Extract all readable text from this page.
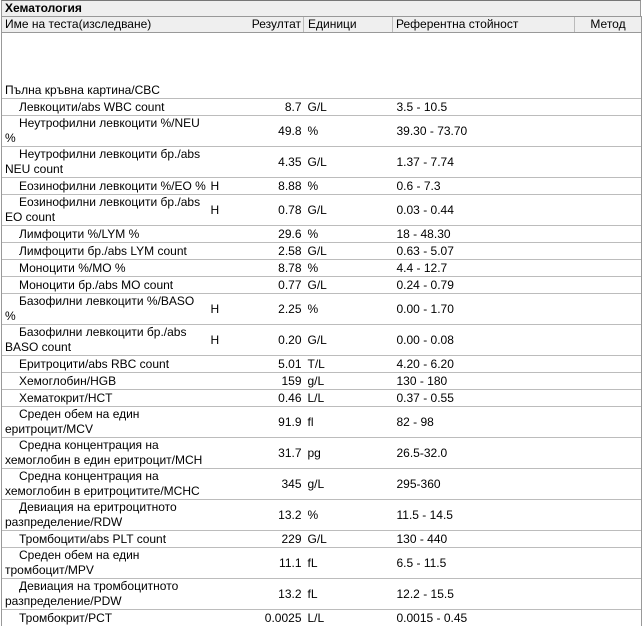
Хематология
Име на теста(изследване)		Резултат	Единици	Референтна стойност	Метод
Пълна кръвна картина/CBC					
Левкоцити/abs WBC count		8.7	G/L	3.5 - 10.5	
Неутрофилни левкоцити %/NEU
%		49.8	%	39.30 - 73.70	
Неутрофилни левкоцити бр./abs
NEU count		4.35	G/L	1.37 - 7.74	
Еозинофилни левкоцити %/EO %	H	8.88	%	0.6 - 7.3	
Еозинофилни левкоцити бр./abs
EO count	H	0.78	G/L	0.03 - 0.44	
Лимфоцити %/LYM %		29.6	%	18 - 48.30	
Лимфоцити бр./abs LYM count		2.58	G/L	0.63 - 5.07	
Моноцити %/MO %		8.78	%	4.4 - 12.7	
Моноцити бр./abs MO count		0.77	G/L	0.24 - 0.79	
Базофилни левкоцити %/BASO
%	H	2.25	%	0.00 - 1.70	
Базофилни левкоцити бр./abs
BASO count	H	0.20	G/L	0.00 - 0.08	
Еритроцити/abs RBC count		5.01	T/L	4.20 - 6.20	
Хемоглобин/HGB		159	g/L	130 - 180	
Хематокрит/HCT		0.46	L/L	0.37 - 0.55	
Среден обем на един
еритроцит/MCV		91.9	fl	82 - 98	
Средна концентрация на
хемоглобин в един еритроцит/MCH		31.7	pg	26.5-32.0	
Средна концентрация на
хемоглобин в еритроцитите/MCHC		345	g/L	295-360	
Девиация на еритроцитното
разпределение/RDW		13.2	%	11.5 - 14.5	
Тромбоцити/abs PLT count		229	G/L	130 - 440	
Среден обем на един
тромбоцит/MPV		11.1	fL	6.5 - 11.5	
Девиация на тромбоцитното
разпределение/PDW		13.2	fL	12.2 - 15.5	
Тромбокрит/PCT		0.0025	L/L	0.0015 - 0.45	
